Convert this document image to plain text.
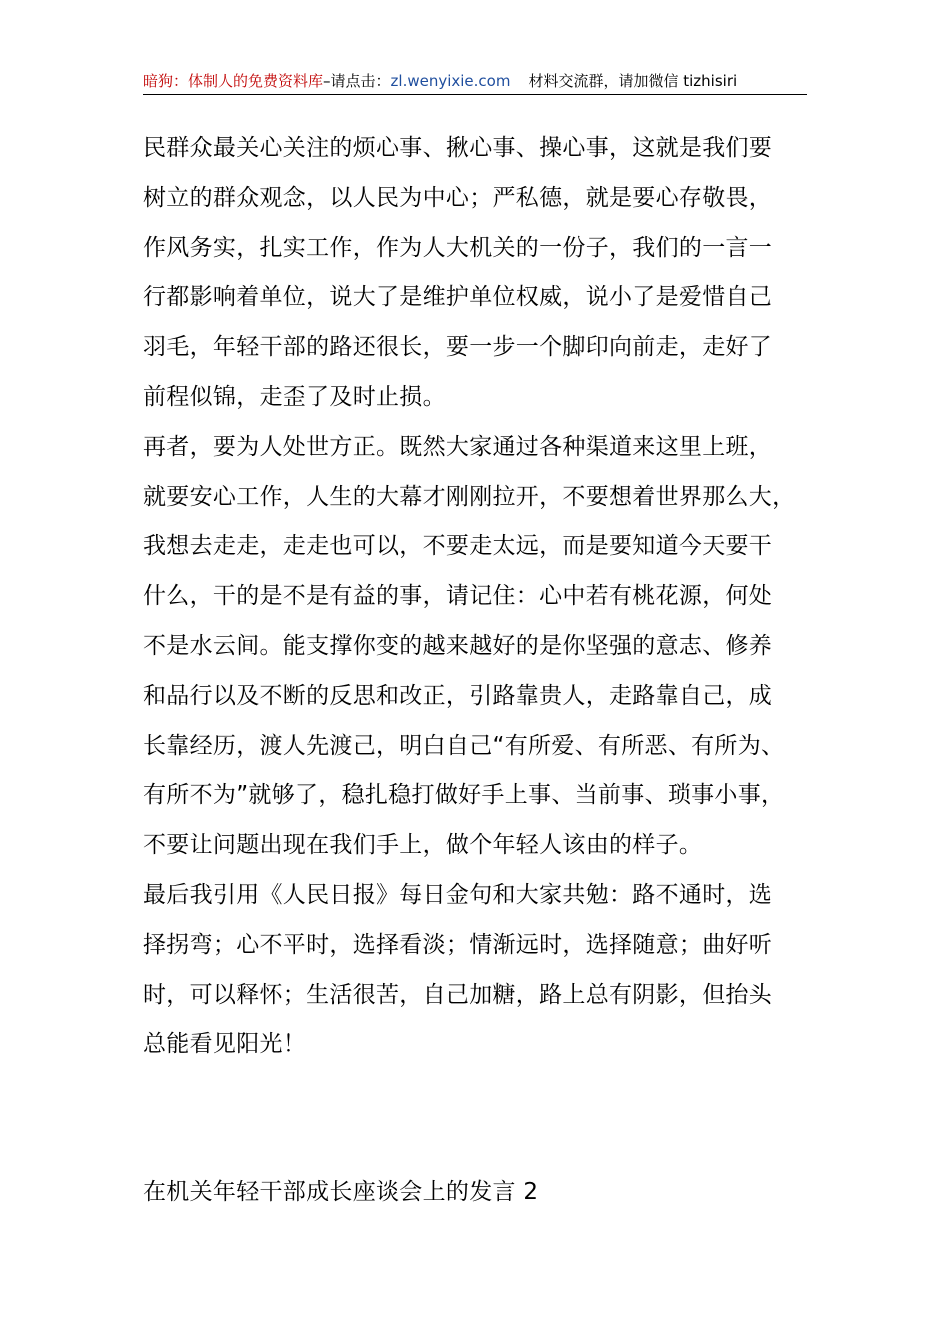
暗狗：体制人的免费资料库–请点击：zl.wenyixie.com 材料交流群，请加微信 tizhisiri

民群众最关心关注的烦心事、揪心事、操心事，这就是我们要
树立的群众观念，以人民为中心；严私德，就是要心存敬畏，
作风务实，扎实工作，作为人大机关的一份子，我们的一言一
行都影响着单位，说大了是维护单位权威，说小了是爱惜自己
羽毛，年轻干部的路还很长，要一步一个脚印向前走，走好了
前程似锦，走歪了及时止损。

再者，要为人处世方正。既然大家通过各种渠道来这里上班，
就要安心工作，人生的大幕才刚刚拉开，不要想着世界那么大，
我想去走走，走走也可以，不要走太远，而是要知道今天要干
什么，干的是不是有益的事，请记住：心中若有桃花源，何处
不是水云间。能支撑你变的越来越好的是你坚强的意志、修养
和品行以及不断的反思和改正，引路靠贵人，走路靠自己，成
长靠经历，渡人先渡己，明白自己“有所爱、有所恶、有所为、
有所不为”就够了，稳扎稳打做好手上事、当前事、琐事小事，
不要让问题出现在我们手上，做个年轻人该由的样子。

最后我引用《人民日报》每日金句和大家共勉：路不通时，选
择拐弯；心不平时，选择看淡；情渐远时，选择随意；曲好听
时，可以释怀；生活很苦，自己加糖，路上总有阴影，但抬头
总能看见阳光！

在机关年轻干部成长座谈会上的发言 2
